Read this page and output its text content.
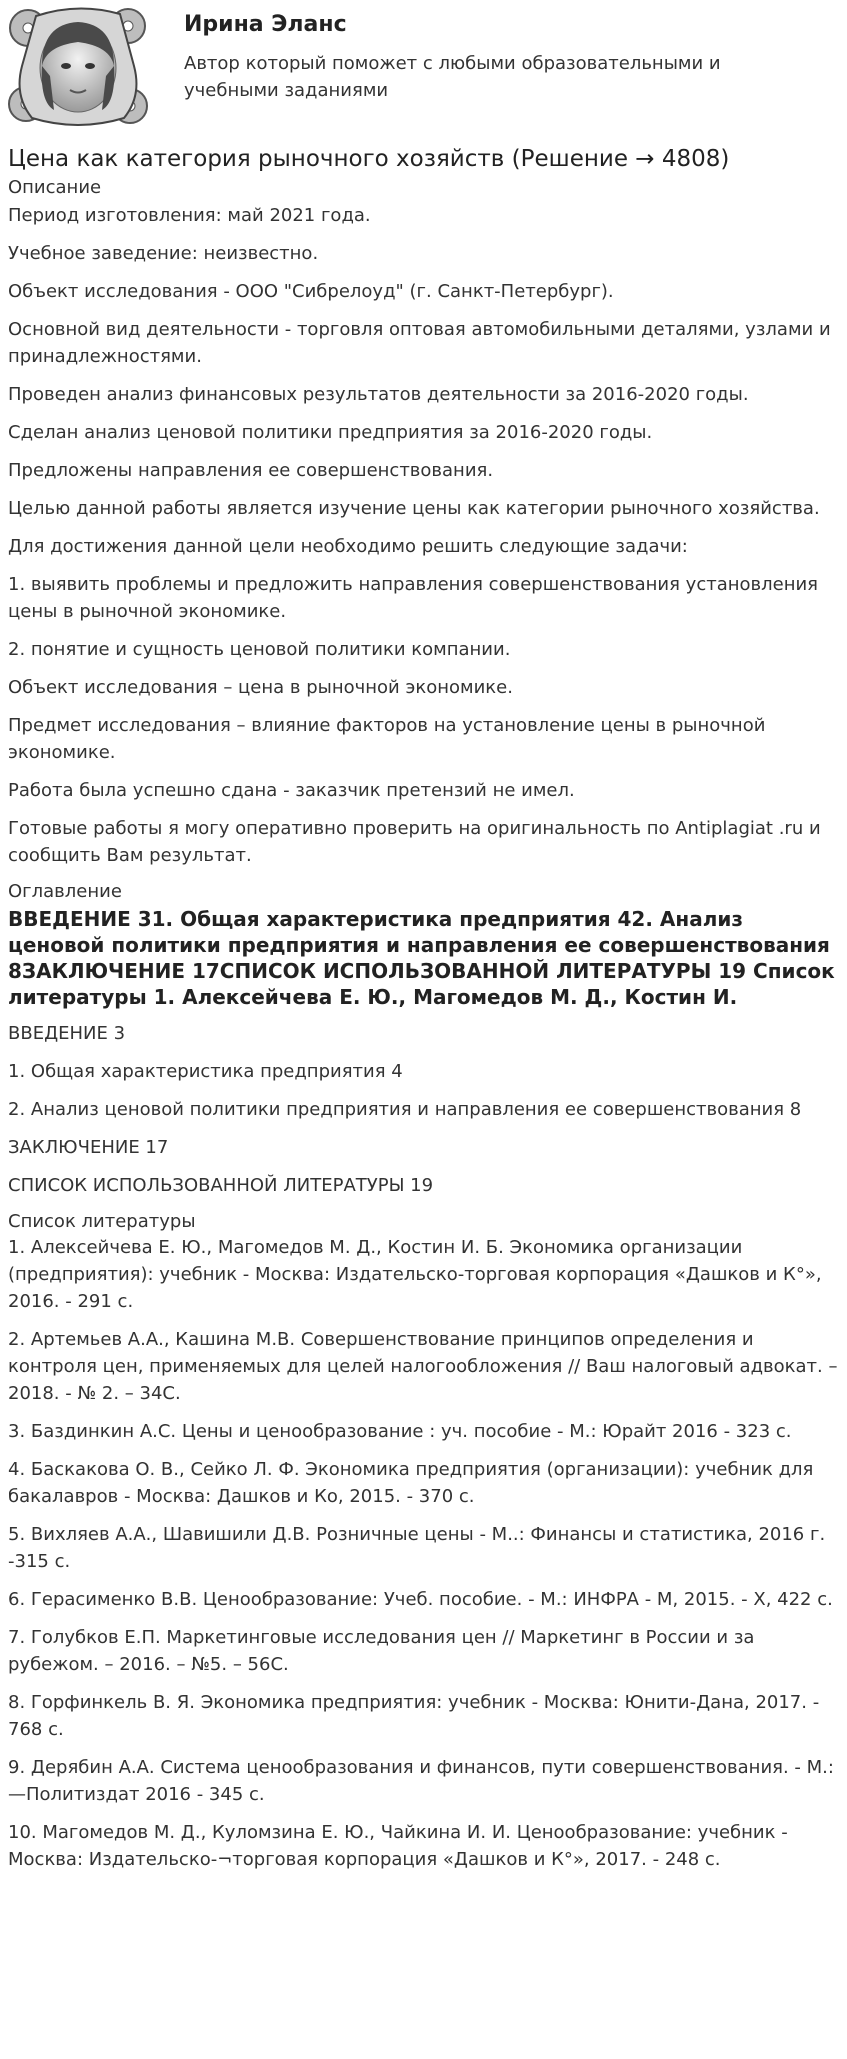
Ирина Эланс
Автор который поможет с любыми образовательными и учебными заданиями
Цена как категория рыночного хозяйств (Решение → 4808)
Описание

Период изготовления: май 2021 года.

Учебное заведение: неизвестно.

Объект исследования - ООО "Сибрелоуд" (г. Санкт-Петербург).

Основной вид деятельности - торговля оптовая автомобильными деталями, узлами и принадлежностями.

Проведен анализ финансовых результатов деятельности за 2016-2020 годы.

Сделан анализ ценовой политики предприятия за 2016-2020 годы.

Предложены направления ее совершенствования.

Целью данной работы является изучение цены как категории рыночного хозяйства.

Для достижения данной цели необходимо решить следующие задачи:

1. выявить проблемы и предложить направления совершенствования установления цены в рыночной экономике.

2. понятие и сущность ценовой политики компании.

Объект исследования – цена в рыночной экономике.

Предмет исследования – влияние факторов на установление цены в рыночной экономике.

Работа была успешно сдана - заказчик претензий не имел.

Готовые работы я могу оперативно проверить на оригинальность по Antiplagiat .ru и сообщить Вам результат.

Оглавление
ВВЕДЕНИЕ 31. Общая характеристика предприятия 42. Анализ ценовой политики предприятия и направления ее совершенствования 8ЗАКЛЮЧЕНИЕ 17СПИСОК ИСПОЛЬЗОВАННОЙ ЛИТЕРАТУРЫ 19 Список литературы 1. Алексейчева Е. Ю., Магомедов М. Д., Костин И.

ВВЕДЕНИЕ 3

1. Общая характеристика предприятия 4

2. Анализ ценовой политики предприятия и направления ее совершенствования 8

ЗАКЛЮЧЕНИЕ 17

СПИСОК ИСПОЛЬЗОВАННОЙ ЛИТЕРАТУРЫ 19

Список литературы

1. Алексейчева Е. Ю., Магомедов М. Д., Костин И. Б. Экономика организации (предприятия): учебник - Москва: Издательско-торговая корпорация «Дашков и К°», 2016. - 291 с.

2. Артемьев А.А., Кашина М.В. Совершенствование принципов определения и контроля цен, применяемых для целей налогообложения // Ваш налоговый адвокат. – 2018. - № 2. – 34С.

3. Баздинкин А.С. Цены и ценообразование : уч. пособие - М.: Юрайт 2016 - 323 с.

4. Баскакова О. В., Сейко Л. Ф. Экономика предприятия (организации): учебник для бакалавров - Москва: Дашков и Ко, 2015. - 370 с.

5. Вихляев А.А., Шавишили Д.В. Розничные цены - М..: Финансы и статистика, 2016 г. -315 с.

6. Герасименко В.В. Ценообразование: Учеб. пособие. - М.: ИНФРА - М, 2015. - X, 422 с.

7. Голубков Е.П. Маркетинговые исследования цен // Маркетинг в России и за рубежом. – 2016. – №5. – 56С.

8. Горфинкель В. Я. Экономика предприятия: учебник - Москва: Юнити-Дана, 2017. - 768 с.

9. Дерябин А.А. Система ценообразования и финансов, пути совершенствования. - М.:—Политиздат 2016 - 345 с.

10. Магомедов М. Д., Куломзина Е. Ю., Чайкина И. И. Ценообразование: учебник - Москва: Издательско-¬торговая корпорация «Дашков и К°», 2017. - 248 с.
